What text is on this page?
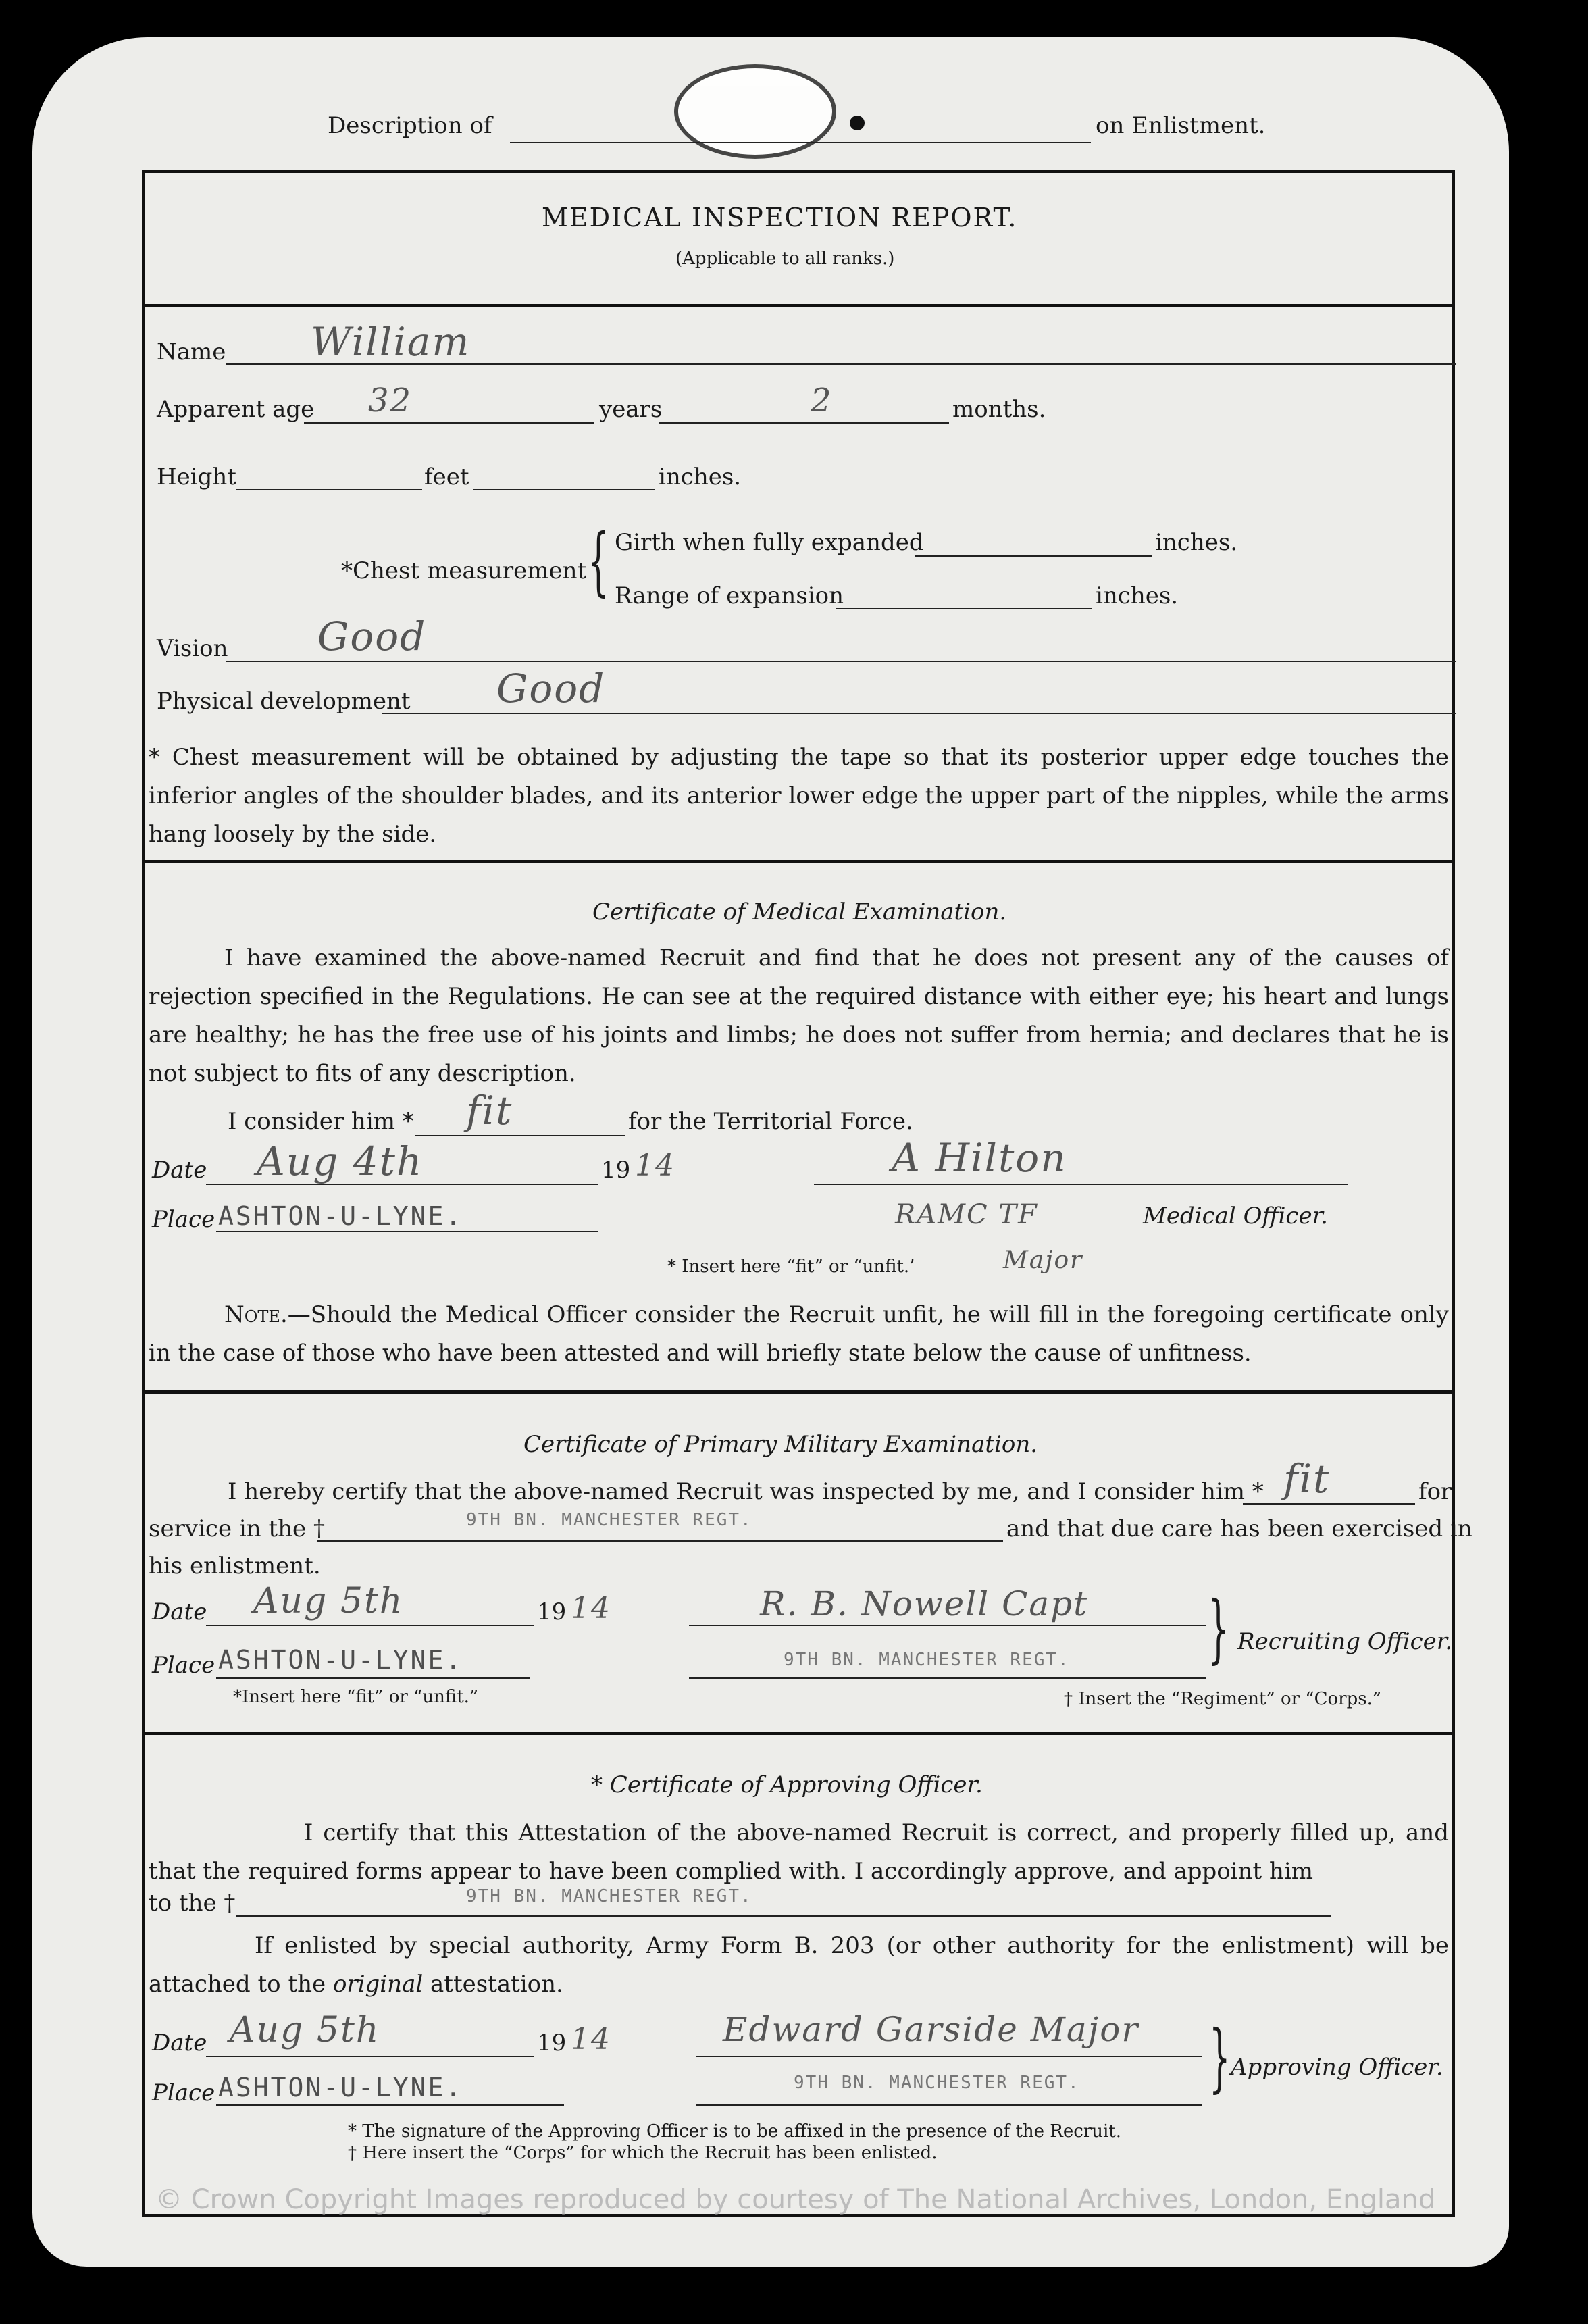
Description of	on Enlistment.
MEDICAL INSPECTION REPORT.
(Applicable to all ranks.)
Name William
Apparent age 32	years	2	months.
Height	feet	inches.
*Chest measurement { Girth when fully expanded	inches.
Range of expansion	inches.
Vision Good
Physical development Good
* Chest measurement will be obtained by adjusting the tape so that its posterior upper edge touches the inferior angles of the shoulder blades, and its anterior lower edge the upper part of the nipples, while the arms hang loosely by the side.
Certificate of Medical Examination.
I have examined the above-named Recruit and find that he does not present any of the causes of rejection specified in the Regulations. He can see at the required distance with either eye; his heart and lungs are healthy; he has the free use of his joints and limbs; he does not suffer from hernia; and declares that he is not subject to fits of any description.
I consider him * fit	for the Territorial Force.
Date Aug 4th	19 14	A Hilton
Place ASHTON-U-LYNE.	RAMC TF	Medical Officer.
* Insert here “fit” or “unfit.’	Major
Note.—Should the Medical Officer consider the Recruit unfit, he will fill in the foregoing certificate only in the case of those who have been attested and will briefly state below the cause of unfitness.
Certificate of Primary Military Examination.
I hereby certify that the above-named Recruit was inspected by me, and I consider him * fit	for
service in the †	9TH BN. MANCHESTER REGT.	and that due care has been exercised in
his enlistment.
Date Aug 5th	19 14	R. B. Nowell Capt } Recruiting Officer.
Place ASHTON-U-LYNE.	9TH BN. MANCHESTER REGT.
*Insert here “fit” or “unfit.”	† Insert the “Regiment” or “Corps.”
* Certificate of Approving Officer.
I certify that this Attestation of the above-named Recruit is correct, and properly filled up, and that the required forms appear to have been complied with. I accordingly approve, and appoint him
to the †	9TH BN. MANCHESTER REGT.
If enlisted by special authority, Army Form B. 203 (or other authority for the enlistment) will be attached to the original attestation.
Date Aug 5th	19 14	Edward Garside Major } Approving Officer.
Place ASHTON-U-LYNE.	9TH BN. MANCHESTER REGT.
* The signature of the Approving Officer is to be affixed in the presence of the Recruit.
† Here insert the “Corps” for which the Recruit has been enlisted.
© Crown Copyright Images reproduced by courtesy of The National Archives, London, England
